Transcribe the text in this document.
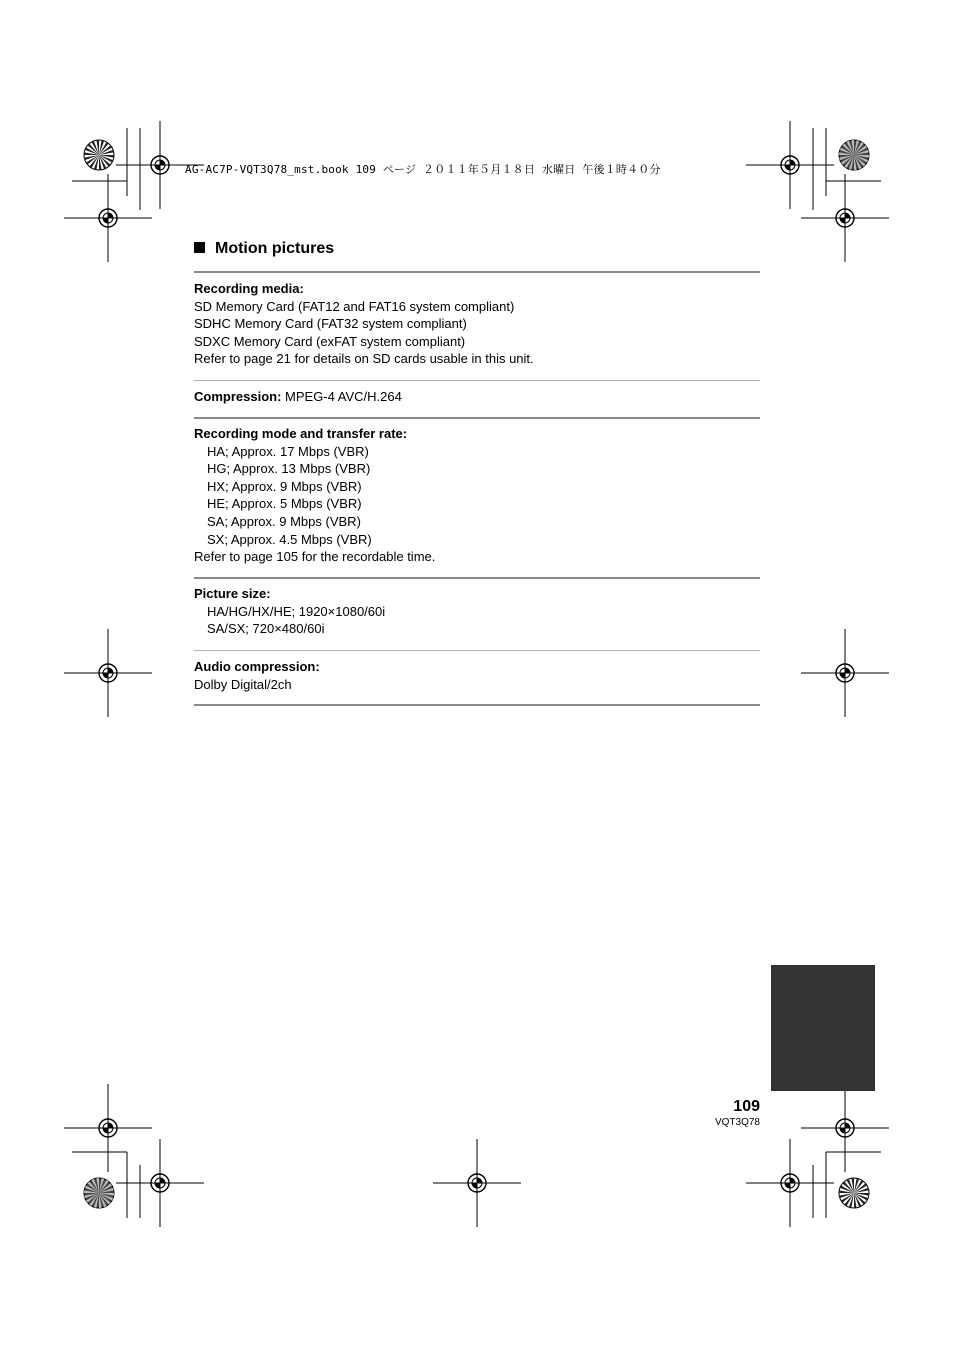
AG-AC7P-VQT3Q78_mst.book 109 ページ ２０１１年５月１８日 水曜日 午後１時４０分
Motion pictures
Recording media:
SD Memory Card (FAT12 and FAT16 system compliant)
SDHC Memory Card (FAT32 system compliant)
SDXC Memory Card (exFAT system compliant)
Refer to page 21 for details on SD cards usable in this unit.
Compression: MPEG-4 AVC/H.264
Recording mode and transfer rate:
HA; Approx. 17 Mbps (VBR)
HG; Approx. 13 Mbps (VBR)
HX; Approx. 9 Mbps (VBR)
HE; Approx. 5 Mbps (VBR)
SA; Approx. 9 Mbps (VBR)
SX; Approx. 4.5 Mbps (VBR)
Refer to page 105 for the recordable time.
Picture size:
HA/HG/HX/HE; 1920×1080/60i
SA/SX; 720×480/60i
Audio compression:
Dolby Digital/2ch
109
VQT3Q78
